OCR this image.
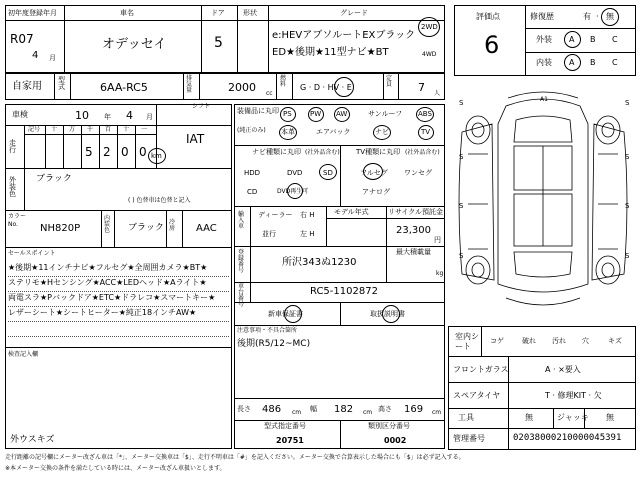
初年度登録年月
R07
4 月
車名
オデッセイ
ドア
5
形状	グレード
e:HEVアブソルートEXブラック
ED★後期★11型ナビ★BT
2WD
4WD
自家用
型式	6AA-RC5
排気量	2000 cc
燃料	G · D · HV · E
定員	7 人
車検	10 年 4 月
シフト
IAT
走行
記号 十 万 千 百 十 一
5 2 0 0 km
外装色
ブラック
( ) 色替車は色替と記入
カラー
No. NH820P
内装色	ブラック
冷房	AAC
セールスポイント
★後期★11インチナビ★フルセグ★全周囲カメラ★BT★
ステリモ★Hセンシング★ACC★LEDヘッド★Aライト★
両電スラ★Pバックドア★ETC★ドラレコ★スマートキー★
レザーシート★シートヒーター★純正18インチAW★
検査記入欄
外ウスキズ
装備品に丸印
(純正のみ)
PS	PW AW	サンルーフ ABS
本革	エアバック	ナビ	TV
ナビ種類に丸印 (社外品含む)
HDD	DVD	SD
CD	DVD再生可
TV種類に丸印 (社外品含む)
フルセグ ワンセグ
アナログ
輸入車
ディーラー
並行
右 H
左 H
モデル年式	リサイクル預託金
23,300
円
最大積載量
登録番号
所沢343ぬ1230
kg
車台番号
RC5-1102872
新車保証書	取扱説明書
注意事項・不具合箇所
後期(R5/12~MC)
長さ 486 cm 幅 182 cm 高さ 169 cm
型式指定番号
20751
類別区分番号
0002
評価点
6
修復歴	有 · 無
外装 A B C
内装 A B C
S	S
S	S
S	S
S	S
A1
室内シート
コゲ	破れ 汚れ 穴	キズ
フロントガラス	A · ×要入
スペアタイヤ	T · 修理KIT · 欠
工具	無	ジャッキ 無
管理番号	02038000210000045391
走行距離の記号欄にメーター改ざん車は「*」、メーター交換車は「$」、走行不明車は「#」を記入ください。メーター交換で合算表示した場合にも「$」は必ず記入する。
※本メーター交換の条件を満たしている時には、メーター改ざん車扱いとします。
